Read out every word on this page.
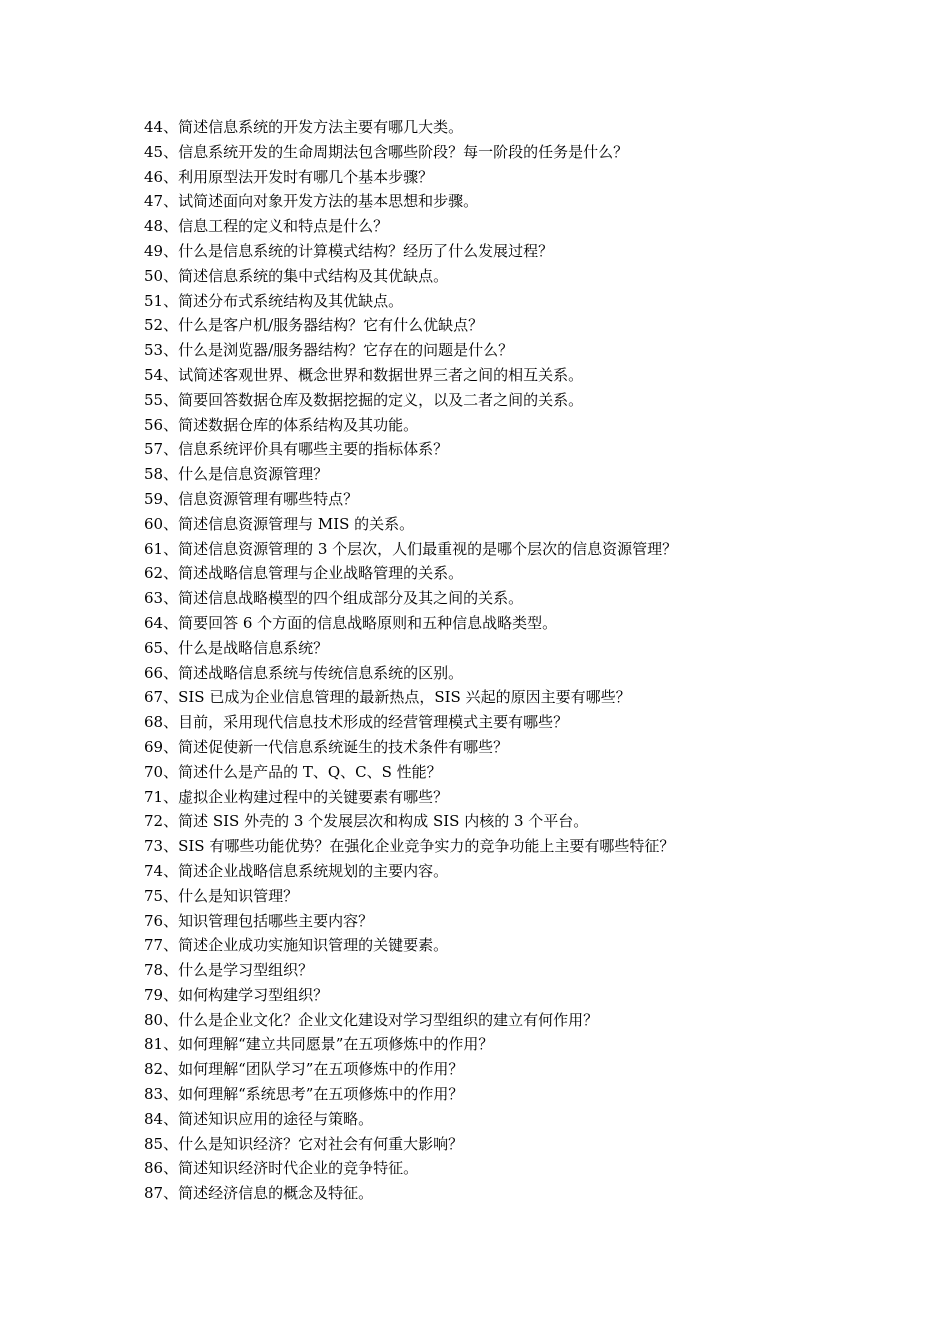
44、简述信息系统的开发方法主要有哪几大类。
45、信息系统开发的生命周期法包含哪些阶段？每一阶段的任务是什么？
46、利用原型法开发时有哪几个基本步骤？
47、试简述面向对象开发方法的基本思想和步骤。
48、信息工程的定义和特点是什么？
49、什么是信息系统的计算模式结构？经历了什么发展过程？
50、简述信息系统的集中式结构及其优缺点。
51、简述分布式系统结构及其优缺点。
52、什么是客户机/服务器结构？它有什么优缺点？
53、什么是浏览器/服务器结构？它存在的问题是什么？
54、试简述客观世界、概念世界和数据世界三者之间的相互关系。
55、简要回答数据仓库及数据挖掘的定义，以及二者之间的关系。
56、简述数据仓库的体系结构及其功能。
57、信息系统评价具有哪些主要的指标体系？
58、什么是信息资源管理？
59、信息资源管理有哪些特点？
60、简述信息资源管理与 MIS 的关系。
61、简述信息资源管理的 3 个层次，人们最重视的是哪个层次的信息资源管理？
62、简述战略信息管理与企业战略管理的关系。
63、简述信息战略模型的四个组成部分及其之间的关系。
64、简要回答 6 个方面的信息战略原则和五种信息战略类型。
65、什么是战略信息系统？
66、简述战略信息系统与传统信息系统的区别。
67、SIS 已成为企业信息管理的最新热点，SIS 兴起的原因主要有哪些？
68、目前，采用现代信息技术形成的经营管理模式主要有哪些？
69、简述促使新一代信息系统诞生的技术条件有哪些？
70、简述什么是产品的 T、Q、C、S 性能？
71、虚拟企业构建过程中的关键要素有哪些？
72、简述 SIS 外壳的 3 个发展层次和构成 SIS 内核的 3 个平台。
73、SIS 有哪些功能优势？在强化企业竞争实力的竞争功能上主要有哪些特征？
74、简述企业战略信息系统规划的主要内容。
75、什么是知识管理？
76、知识管理包括哪些主要内容？
77、简述企业成功实施知识管理的关键要素。
78、什么是学习型组织？
79、如何构建学习型组织？
80、什么是企业文化？企业文化建设对学习型组织的建立有何作用？
81、如何理解“建立共同愿景”在五项修炼中的作用？
82、如何理解“团队学习”在五项修炼中的作用？
83、如何理解“系统思考”在五项修炼中的作用？
84、简述知识应用的途径与策略。
85、什么是知识经济？它对社会有何重大影响？
86、简述知识经济时代企业的竞争特征。
87、简述经济信息的概念及特征。
